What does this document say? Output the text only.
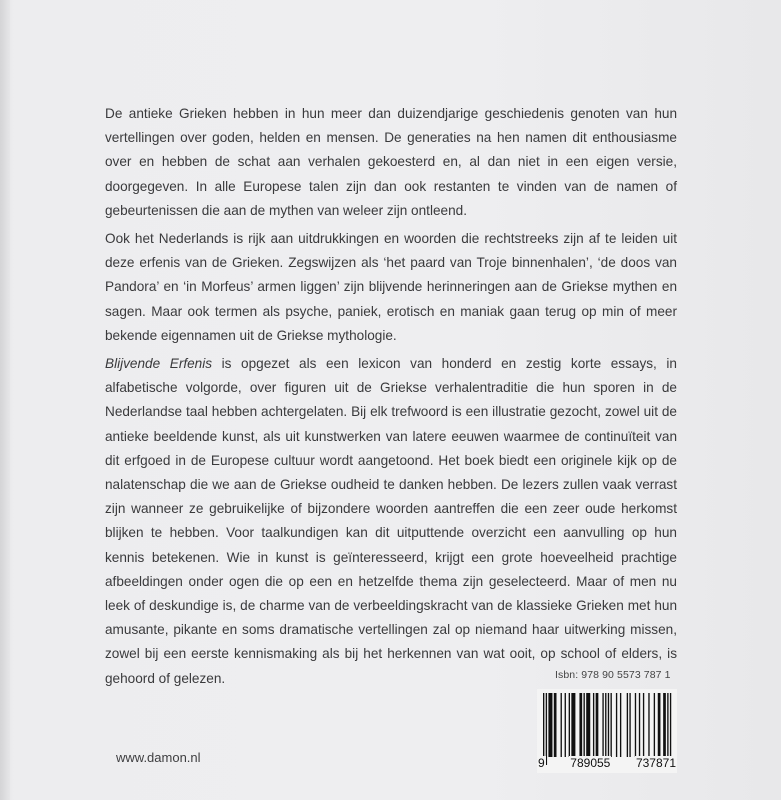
De antieke Grieken hebben in hun meer dan duizendjarige geschiedenis genoten van hun vertellingen over goden, helden en mensen. De generaties na hen namen dit enthousiasme over en hebben de schat aan verhalen gekoesterd en, al dan niet in een eigen versie, doorgegeven. In alle Europese talen zijn dan ook restanten te vinden van de namen of gebeurtenissen die aan de mythen van weleer zijn ontleend.

Ook het Nederlands is rijk aan uitdrukkingen en woorden die rechtstreeks zijn af te leiden uit deze erfenis van de Grieken. Zegswijzen als ‘het paard van Troje binnenhalen’, ‘de doos van Pandora’ en ‘in Morfeus’ armen liggen’ zijn blijvende herinneringen aan de Griekse mythen en sagen. Maar ook termen als psyche, paniek, erotisch en maniak gaan terug op min of meer bekende eigennamen uit de Griekse mythologie.

Blijvende Erfenis is opgezet als een lexicon van honderd en zestig korte essays, in alfabetische volgorde, over figuren uit de Griekse verhalentraditie die hun sporen in de Nederlandse taal hebben achtergelaten. Bij elk trefwoord is een illustratie gezocht, zowel uit de antieke beeldende kunst, als uit kunstwerken van latere eeuwen waarmee de continuïteit van dit erfgoed in de Europese cultuur wordt aangetoond. Het boek biedt een originele kijk op de nalatenschap die we aan de Griekse oudheid te danken hebben. De lezers zullen vaak verrast zijn wanneer ze gebruikelijke of bijzondere woorden aantreffen die een zeer oude herkomst blijken te hebben. Voor taalkundigen kan dit uitputtende overzicht een aanvulling op hun kennis betekenen. Wie in kunst is geïnteresseerd, krijgt een grote hoeveelheid prachtige afbeeldingen onder ogen die op een en hetzelfde thema zijn geselecteerd. Maar of men nu leek of deskundige is, de charme van de verbeeldingskracht van de klassieke Grieken met hun amusante, pikante en soms dramatische vertellingen zal op niemand haar uitwerking missen, zowel bij een eerste kennismaking als bij het herkennen van wat ooit, op school of elders, is gehoord of gelezen.	Isbn: 978 90 5573 787 1
9 789055 737871
www.damon.nl
